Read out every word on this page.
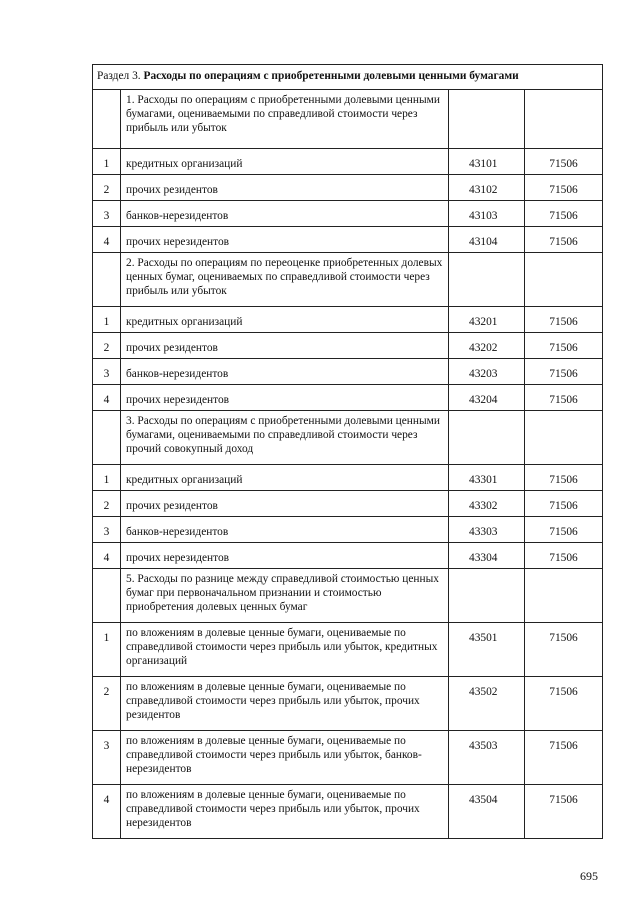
Раздел 3. Расходы по операциям с приобретенными долевыми ценными бумагами			
	1. Расходы по операциям с приобретенными долевыми ценными бумагами, оцениваемыми по справедливой стоимости через прибыль или убыток		
1	кредитных организаций	43101	71506
2	прочих резидентов	43102	71506
3	банков-нерезидентов	43103	71506
4	прочих нерезидентов	43104	71506
	2. Расходы по операциям по переоценке приобретенных долевых ценных бумаг, оцениваемых по справедливой стоимости через прибыль или убыток		
1	кредитных организаций	43201	71506
2	прочих резидентов	43202	71506
3	банков-нерезидентов	43203	71506
4	прочих нерезидентов	43204	71506
	3. Расходы по операциям с приобретенными долевыми ценными бумагами, оцениваемыми по справедливой стоимости через прочий совокупный доход		
1	кредитных организаций	43301	71506
2	прочих резидентов	43302	71506
3	банков-нерезидентов	43303	71506
4	прочих нерезидентов	43304	71506
	5. Расходы по разнице между справедливой стоимостью ценных бумаг при первоначальном признании и стоимостью приобретения долевых ценных бумаг		
1	по вложениям в долевые ценные бумаги, оцениваемые по справедливой стоимости через прибыль или убыток, кредитных организаций	43501	71506
2	по вложениям в долевые ценные бумаги, оцениваемые по справедливой стоимости через прибыль или убыток, прочих резидентов	43502	71506
3	по вложениям в долевые ценные бумаги, оцениваемые по справедливой стоимости через прибыль или убыток, банков-нерезидентов	43503	71506
4	по вложениям в долевые ценные бумаги, оцениваемые по справедливой стоимости через прибыль или убыток, прочих нерезидентов	43504	71506
695
